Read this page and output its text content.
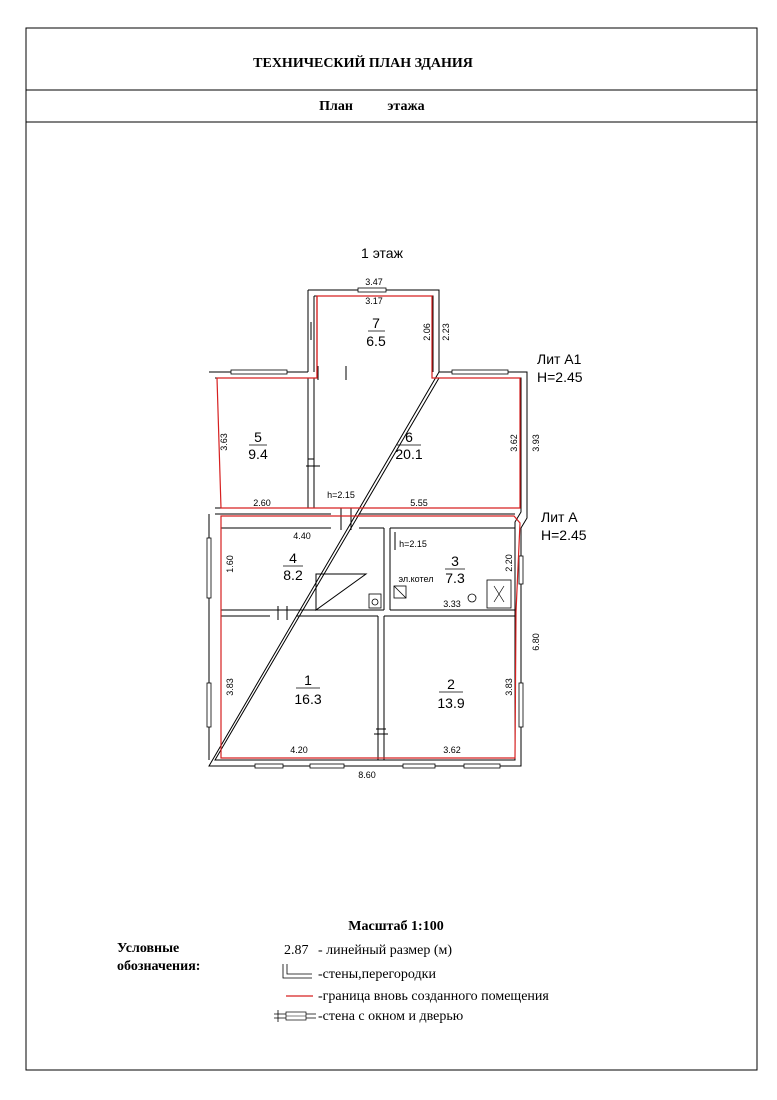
ТЕХНИЧЕСКИЙ ПЛАН ЗДАНИЯ
План этажа
1 этаж
7
6.5
5
9.4
6
20.1
4
8.2
3
7.3
1
16.3
2
13.9
3.47
3.17
2.06 2.23
3.63
2.60	5.55
3.62 3.93
4.40
1.60	2.20
3.33
6.80
3.83	3.83
4.20	3.62
8.60
h=2.15
h=2.15
эл.котел
Лит А1
H=2.45
Лит А
H=2.45
Масштаб 1:100
Условные
обозначения:
2.87 - линейный размер (м)
-стены,перегородки
-граница вновь созданного помещения
-стена с окном и дверью
